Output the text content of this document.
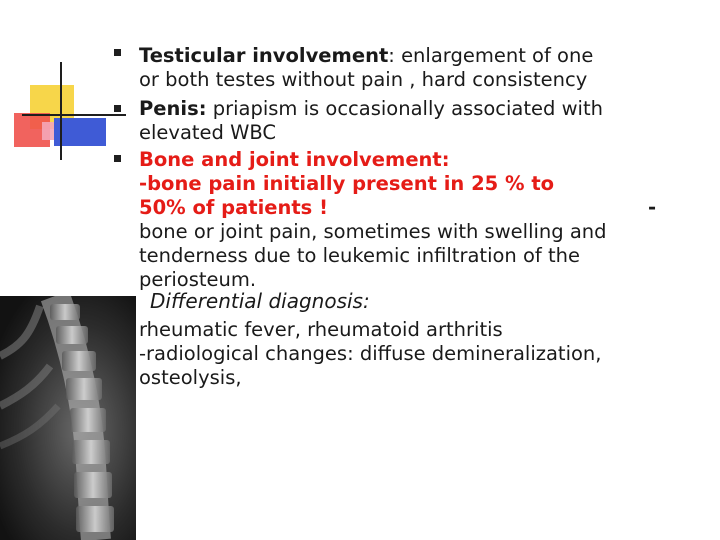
Testicular involvement: enlargement of one
or both testes without pain , hard consistency
Penis: priapism is occasionally associated with
elevated WBC
Bone and joint involvement:
-bone pain initially present in 25 % to
50% of patients !	-
bone or joint pain, sometimes with swelling and
tenderness due to leukemic infiltration of the
periosteum.
Differential diagnosis:
rheumatic fever, rheumatoid arthritis
-radiological changes: diffuse demineralization,
osteolysis,
